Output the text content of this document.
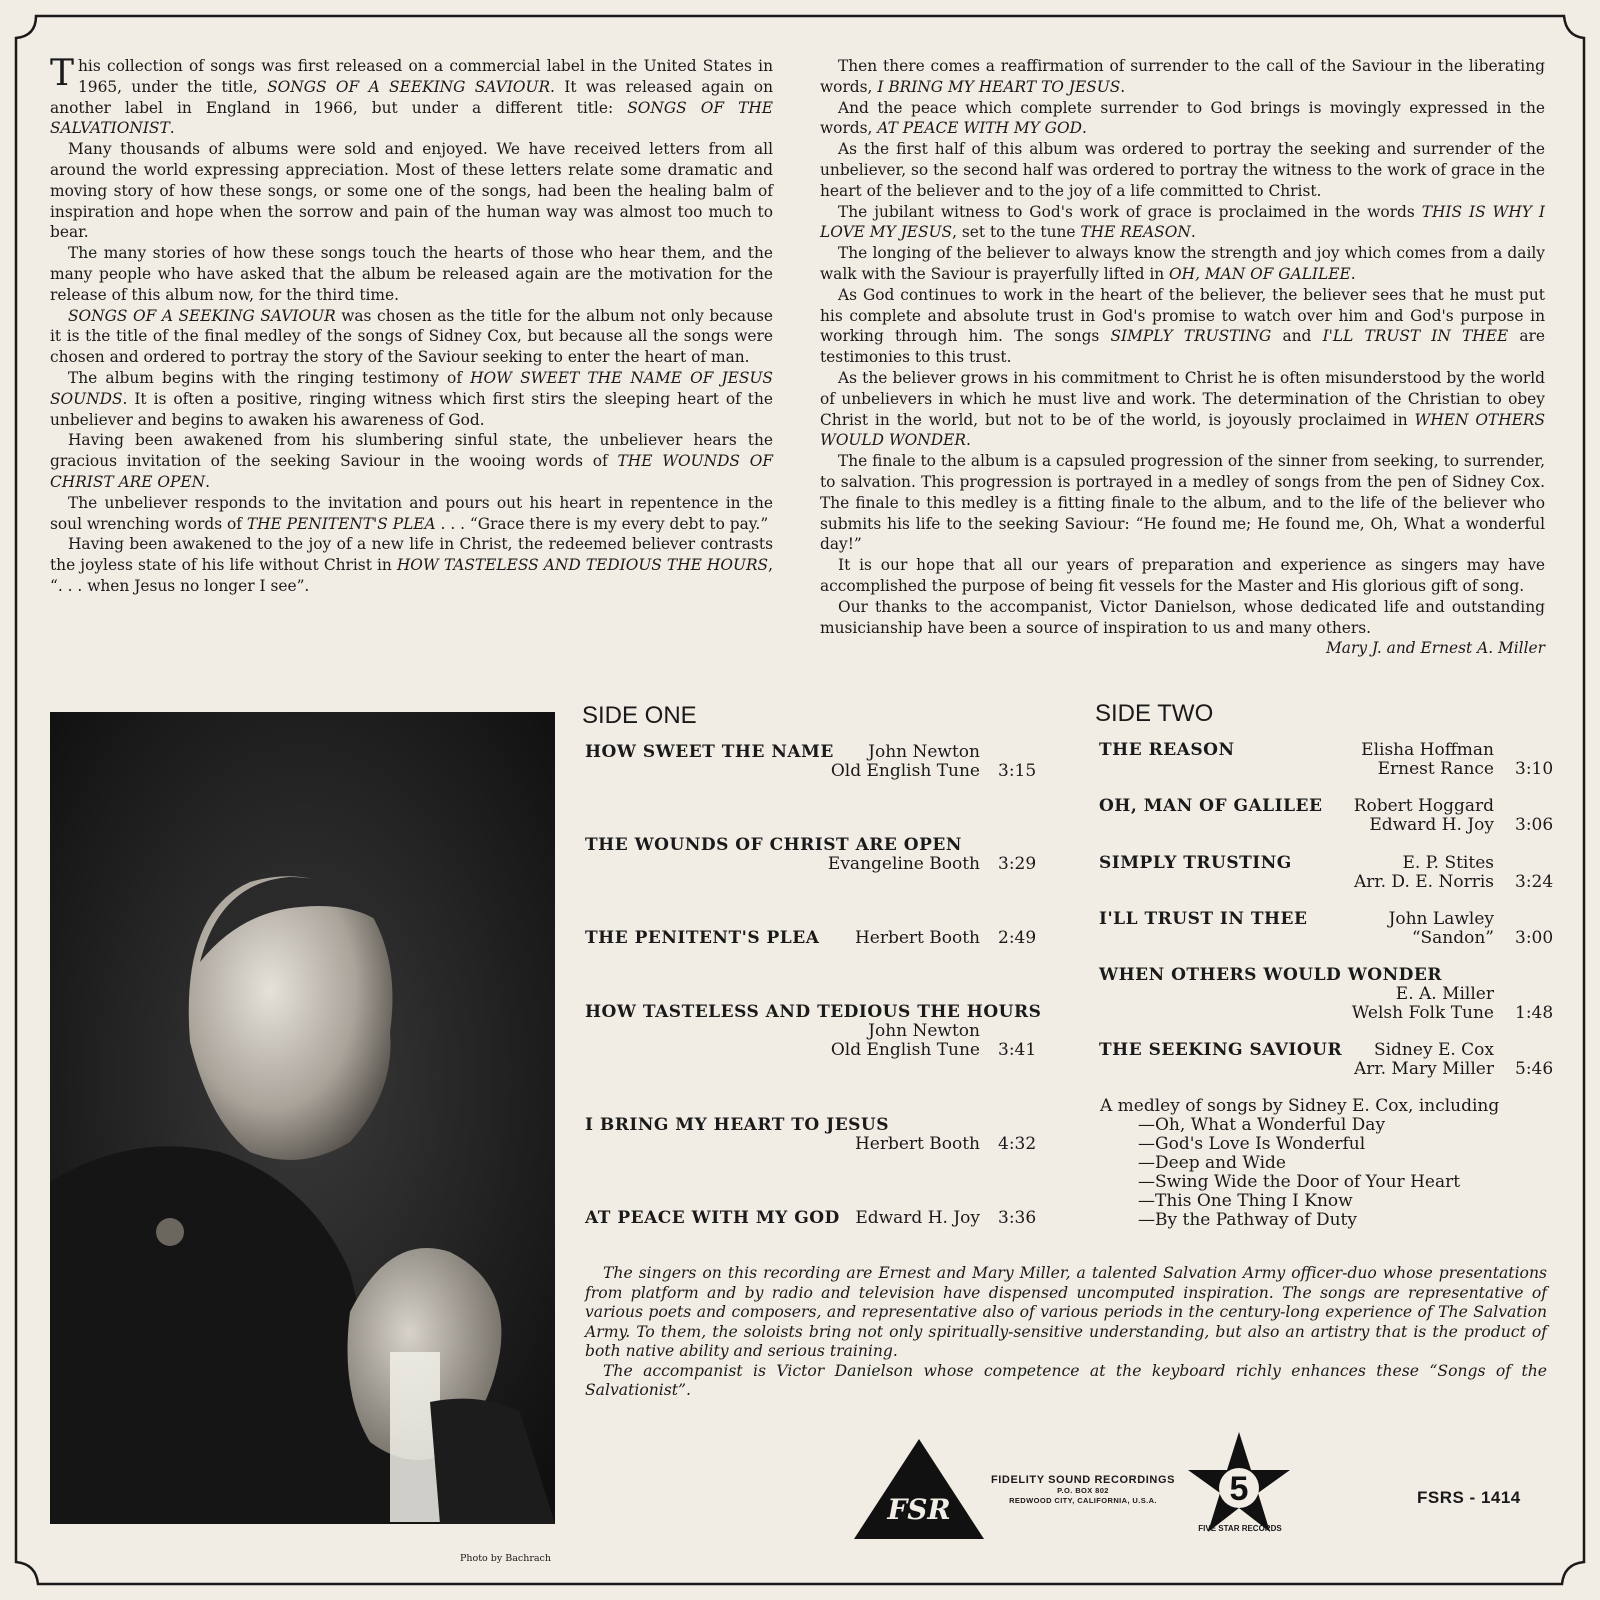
This collection of songs was first released on a commercial label in the United States in 1965, under the title, SONGS OF A SEEKING SAVIOUR. It was released again on another label in England in 1966, but under a different title: SONGS OF THE SALVATIONIST.

Many thousands of albums were sold and enjoyed. We have received letters from all around the world expressing appreciation. Most of these letters relate some dramatic and moving story of how these songs, or some one of the songs, had been the healing balm of inspiration and hope when the sorrow and pain of the human way was almost too much to bear.

The many stories of how these songs touch the hearts of those who hear them, and the many people who have asked that the album be released again are the motivation for the release of this album now, for the third time.

SONGS OF A SEEKING SAVIOUR was chosen as the title for the album not only because it is the title of the final medley of the songs of Sidney Cox, but because all the songs were chosen and ordered to portray the story of the Saviour seeking to enter the heart of man.

The album begins with the ringing testimony of HOW SWEET THE NAME OF JESUS SOUNDS. It is often a positive, ringing witness which first stirs the sleeping heart of the unbeliever and begins to awaken his awareness of God.

Having been awakened from his slumbering sinful state, the unbeliever hears the gracious invitation of the seeking Saviour in the wooing words of THE WOUNDS OF CHRIST ARE OPEN.

The unbeliever responds to the invitation and pours out his heart in repentence in the soul wrenching words of THE PENITENT'S PLEA . . . “Grace there is my every debt to pay.”

Having been awakened to the joy of a new life in Christ, the redeemed believer contrasts the joyless state of his life without Christ in HOW TASTELESS AND TEDIOUS THE HOURS, “. . . when Jesus no longer I see”.

Then there comes a reaffirmation of surrender to the call of the Saviour in the liberating words, I BRING MY HEART TO JESUS.

And the peace which complete surrender to God brings is movingly expressed in the words, AT PEACE WITH MY GOD.

As the first half of this album was ordered to portray the seeking and surrender of the unbeliever, so the second half was ordered to portray the witness to the work of grace in the heart of the believer and to the joy of a life committed to Christ.

The jubilant witness to God's work of grace is proclaimed in the words THIS IS WHY I LOVE MY JESUS, set to the tune THE REASON.

The longing of the believer to always know the strength and joy which comes from a daily walk with the Saviour is prayerfully lifted in OH, MAN OF GALILEE.

As God continues to work in the heart of the believer, the believer sees that he must put his complete and absolute trust in God's promise to watch over him and God's purpose in working through him. The songs SIMPLY TRUSTING and I'LL TRUST IN THEE are testimonies to this trust.

As the believer grows in his commitment to Christ he is often misunderstood by the world of unbelievers in which he must live and work. The determination of the Christian to obey Christ in the world, but not to be of the world, is joyously proclaimed in WHEN OTHERS WOULD WONDER.

The finale to the album is a capsuled progression of the sinner from seeking, to surrender, to salvation. This progression is portrayed in a medley of songs from the pen of Sidney Cox. The finale to this medley is a fitting finale to the album, and to the life of the believer who submits his life to the seeking Saviour: “He found me; He found me, Oh, What a wonderful day!”

It is our hope that all our years of preparation and experience as singers may have accomplished the purpose of being fit vessels for the Master and His glorious gift of song.

Our thanks to the accompanist, Victor Danielson, whose dedicated life and outstanding musicianship have been a source of inspiration to us and many others.

Mary J. and Ernest A. Miller
Photo by Bachrach
SIDE ONE	SIDE TWO
HOW SWEET THE NAME John Newton
Old English Tune 3:15
THE WOUNDS OF CHRIST ARE OPEN
Evangeline Booth 3:29
THE PENITENT'S PLEA Herbert Booth 2:49
HOW TASTELESS AND TEDIOUS THE HOURS
John Newton
Old English Tune 3:41
I BRING MY HEART TO JESUS
Herbert Booth 4:32
AT PEACE WITH MY GOD Edward H. Joy 3:36
THE REASON	Elisha Hoffman
Ernest Rance 3:10
OH, MAN OF GALILEE Robert Hoggard
Edward H. Joy 3:06
SIMPLY TRUSTING	E. P. Stites
Arr. D. E. Norris 3:24
I'LL TRUST IN THEE	John Lawley
“Sandon” 3:00
WHEN OTHERS WOULD WONDER
E. A. Miller
Welsh Folk Tune 1:48
THE SEEKING SAVIOUR Sidney E. Cox
Arr. Mary Miller 5:46
A medley of songs by Sidney E. Cox, including
—Oh, What a Wonderful Day
—God's Love Is Wonderful
—Deep and Wide
—Swing Wide the Door of Your Heart
—This One Thing I Know
—By the Pathway of Duty

The singers on this recording are Ernest and Mary Miller, a talented Salvation Army officer-duo whose presentations from platform and by radio and television have dispensed uncomputed inspiration. The songs are representative of various poets and composers, and representative also of various periods in the century-long experience of The Salvation Army. To them, the soloists bring not only spiritually-sensitive understanding, but also an artistry that is the product of both native ability and serious training.

The accompanist is Victor Danielson whose competence at the keyboard richly enhances these “Songs of the Salvationist”.

FSR
FIDELITY SOUND RECORDINGS
P.O. BOX 802
REDWOOD CITY, CALIFORNIA, U.S.A.	5
FIVE STAR RECORDS
FSRS - 1414
